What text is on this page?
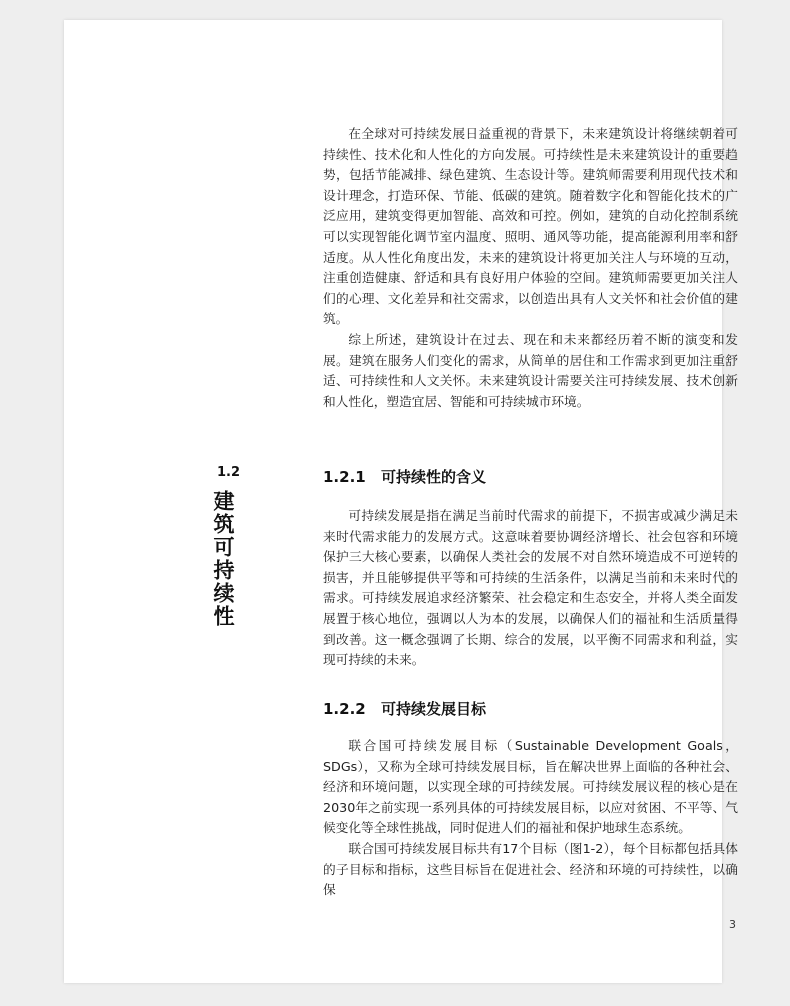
在全球对可持续发展日益重视的背景下，未来建筑设计将继续朝着可持续性、技术化和人性化的方向发展。可持续性是未来建筑设计的重要趋势，包括节能减排、绿色建筑、生态设计等。建筑师需要利用现代技术和设计理念，打造环保、节能、低碳的建筑。随着数字化和智能化技术的广泛应用，建筑变得更加智能、高效和可控。例如，建筑的自动化控制系统可以实现智能化调节室内温度、照明、通风等功能，提高能源利用率和舒适度。从人性化角度出发，未来的建筑设计将更加关注人与环境的互动，注重创造健康、舒适和具有良好用户体验的空间。建筑师需要更加关注人们的心理、文化差异和社交需求，以创造出具有人文关怀和社会价值的建筑。

综上所述，建筑设计在过去、现在和未来都经历着不断的演变和发展。建筑在服务人们变化的需求，从简单的居住和工作需求到更加注重舒适、可持续性和人文关怀。未来建筑设计需要关注可持续发展、技术创新和人性化，塑造宜居、智能和可持续城市环境。

1.2
建筑可持续性
1.2.1 可持续性的含义

可持续发展是指在满足当前时代需求的前提下，不损害或减少满足未来时代需求能力的发展方式。这意味着要协调经济增长、社会包容和环境保护三大核心要素，以确保人类社会的发展不对自然环境造成不可逆转的损害，并且能够提供平等和可持续的生活条件，以满足当前和未来时代的需求。可持续发展追求经济繁荣、社会稳定和生态安全，并将人类全面发展置于核心地位，强调以人为本的发展，以确保人们的福祉和生活质量得到改善。这一概念强调了长期、综合的发展，以平衡不同需求和利益，实现可持续的未来。

1.2.2 可持续发展目标

联合国可持续发展目标（Sustainable Development Goals，SDGs），又称为全球可持续发展目标，旨在解决世界上面临的各种社会、经济和环境问题，以实现全球的可持续发展。可持续发展议程的核心是在2030年之前实现一系列具体的可持续发展目标，以应对贫困、不平等、气候变化等全球性挑战，同时促进人们的福祉和保护地球生态系统。

联合国可持续发展目标共有17个目标（图1-2），每个目标都包括具体的子目标和指标，这些目标旨在促进社会、经济和环境的可持续性，以确保

3
